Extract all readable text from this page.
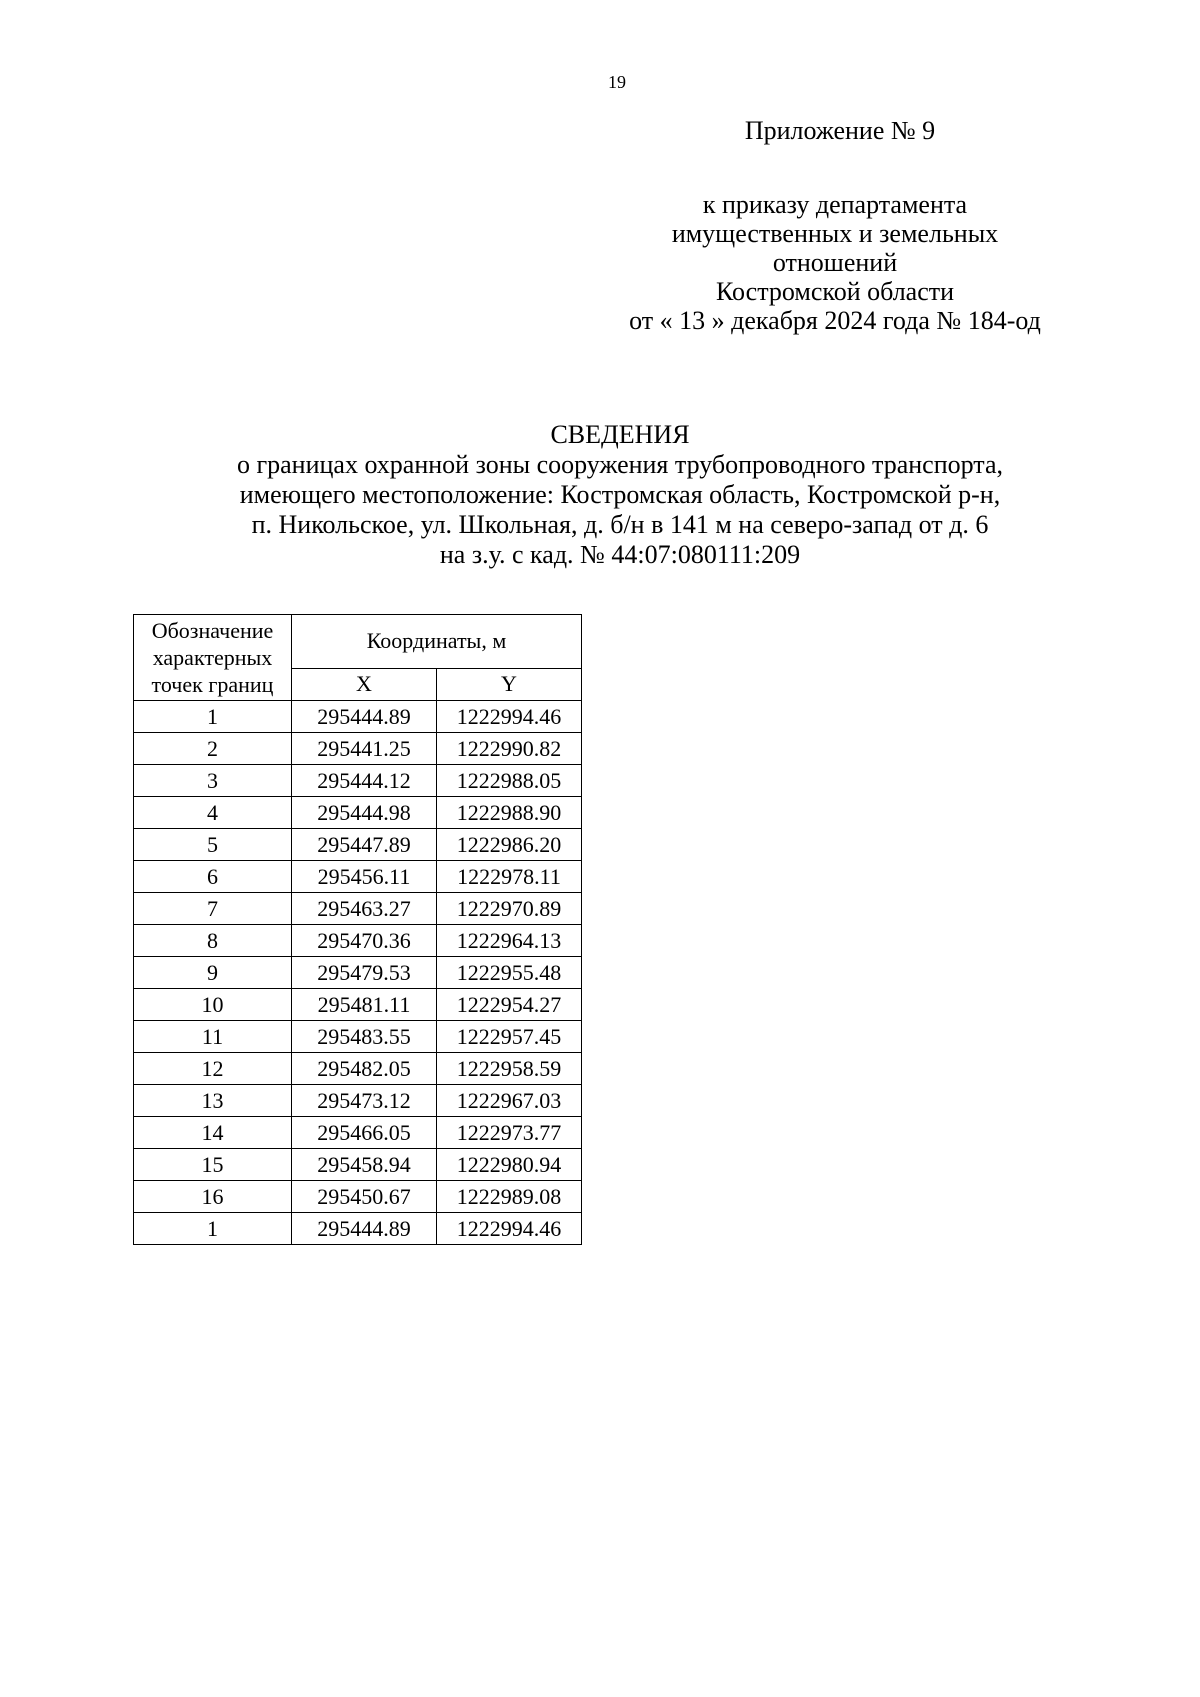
19
Приложение № 9
к приказу департамента
имущественных и земельных
отношений
Костромской области
от « 13 » декабря 2024 года № 184-од
СВЕДЕНИЯ
о границах охранной зоны сооружения трубопроводного транспорта,
имеющего местоположение: Костромская область, Костромской р-н,
п. Никольское, ул. Школьная, д. б/н в 141 м на северо-запад от д. 6
на з.у. с кад. № 44:07:080111:209
Обозначение
характерных
точек границ	Координаты, м	
	X	Y
1	295444.89	1222994.46
2	295441.25	1222990.82
3	295444.12	1222988.05
4	295444.98	1222988.90
5	295447.89	1222986.20
6	295456.11	1222978.11
7	295463.27	1222970.89
8	295470.36	1222964.13
9	295479.53	1222955.48
10	295481.11	1222954.27
11	295483.55	1222957.45
12	295482.05	1222958.59
13	295473.12	1222967.03
14	295466.05	1222973.77
15	295458.94	1222980.94
16	295450.67	1222989.08
1	295444.89	1222994.46
